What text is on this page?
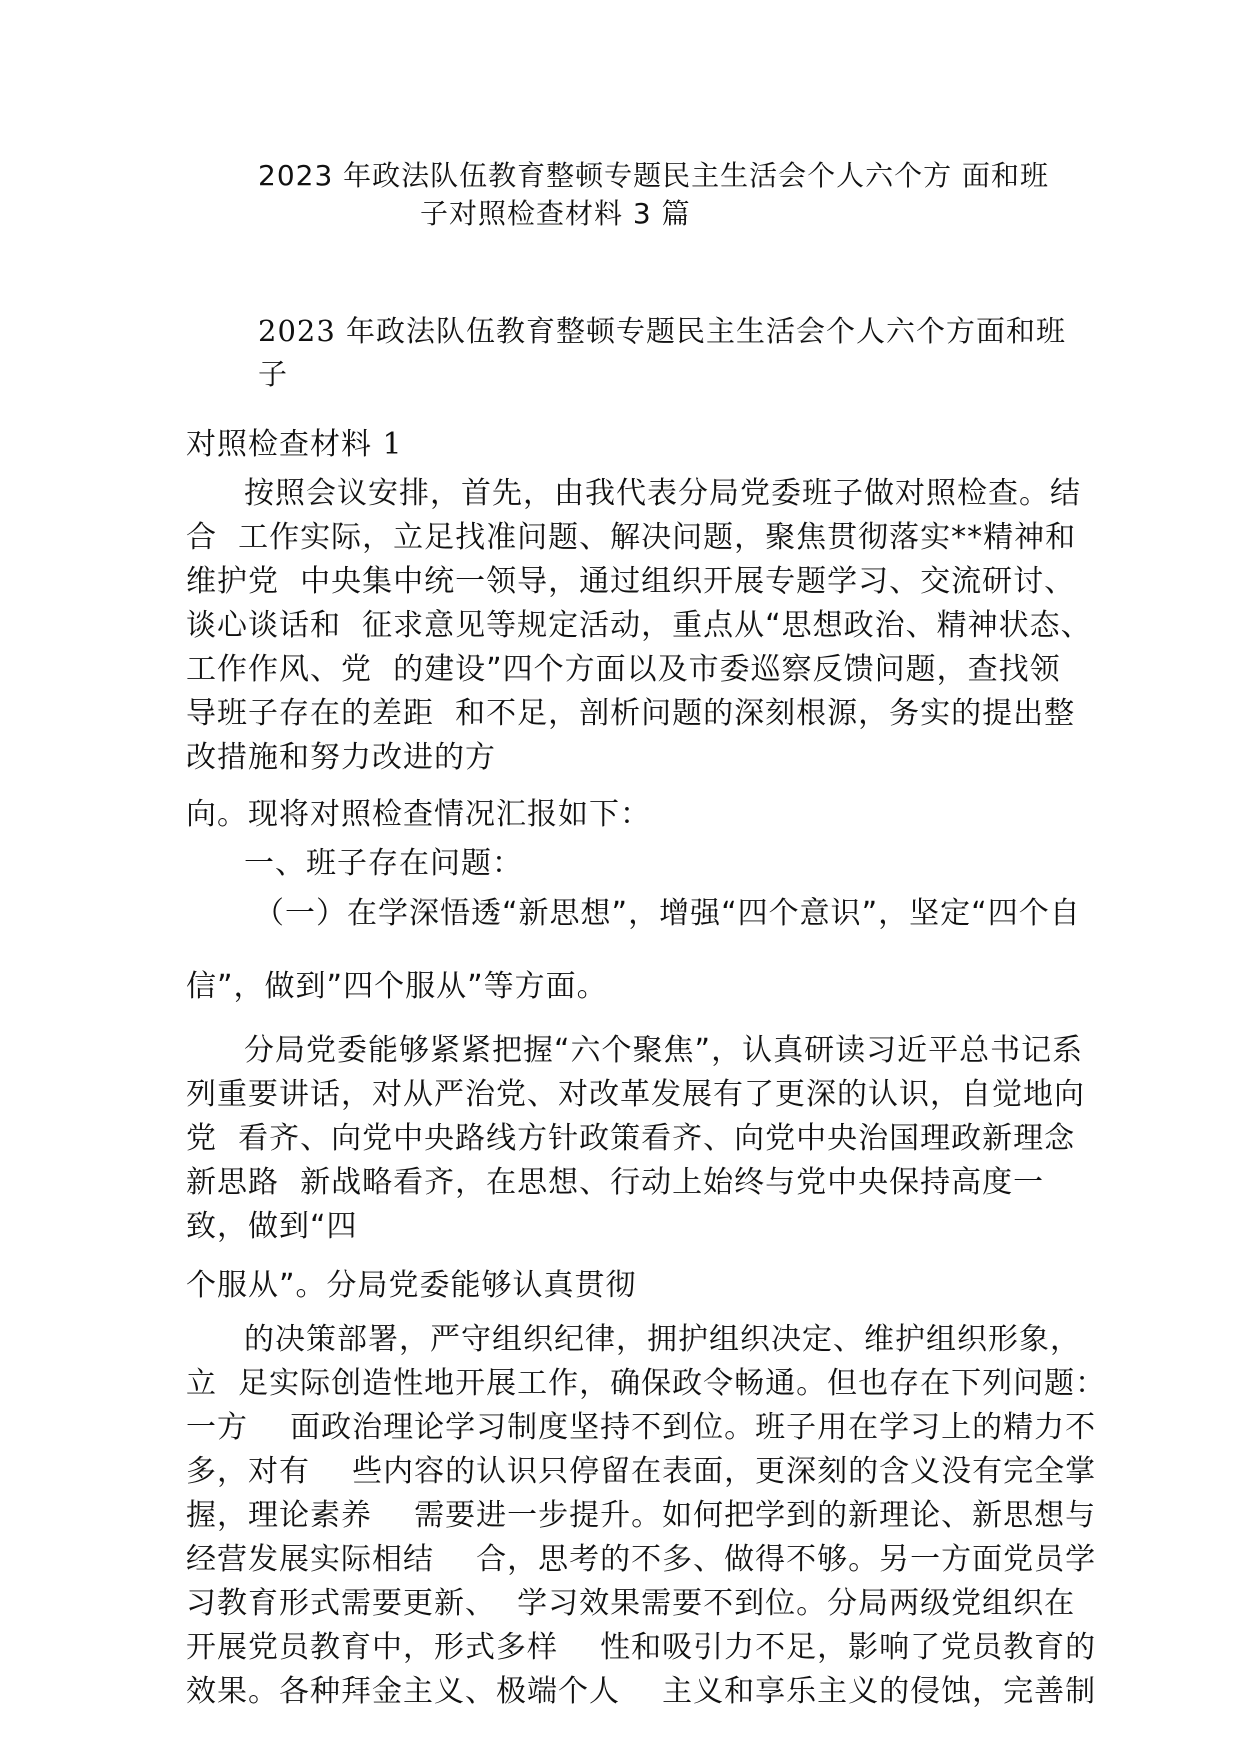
2023 年政法队伍教育整顿专题民主生活会个人六个方 面和班
子对照检查材料 3 篇
2023 年政法队伍教育整顿专题民主生活会个人六个方面和班
子
对照检查材料 1
按照会议安排，首先，由我代表分局党委班子做对照检查。结
合  工作实际，立足找准问题、解决问题，聚焦贯彻落实**精神和
维护党  中央集中统一领导，通过组织开展专题学习、交流研讨、
谈心谈话和  征求意见等规定活动，重点从“思想政治、精神状态、
工作作风、党  的建设”四个方面以及市委巡察反馈问题，查找领
导班子存在的差距  和不足，剖析问题的深刻根源，务实的提出整
改措施和努力改进的方
向。现将对照检查情况汇报如下：
一、班子存在问题：
（一）在学深悟透“新思想”，增强“四个意识”，坚定“四个自
信”，做到”四个服从”等方面。
分局党委能够紧紧把握“六个聚焦”，认真研读习近平总书记系
列重要讲话，对从严治党、对改革发展有了更深的认识，自觉地向
党  看齐、向党中央路线方针政策看齐、向党中央治国理政新理念
新思路  新战略看齐，在思想、行动上始终与党中央保持高度一
致，做到“四
个服从”。分局党委能够认真贯彻
的决策部署，严守组织纪律，拥护组织决定、维护组织形象，
立  足实际创造性地开展工作，确保政令畅通。但也存在下列问题：
一方    面政治理论学习制度坚持不到位。班子用在学习上的精力不
多，对有    些内容的认识只停留在表面，更深刻的含义没有完全掌
握，理论素养    需要进一步提升。如何把学到的新理论、新思想与
经营发展实际相结    合，思考的不多、做得不够。另一方面党员学
习教育形式需要更新、  学习效果需要不到位。分局两级党组织在
开展党员教育中，形式多样    性和吸引力不足，影响了党员教育的
效果。各种拜金主义、极端个人    主义和享乐主义的侵蚀，完善制
